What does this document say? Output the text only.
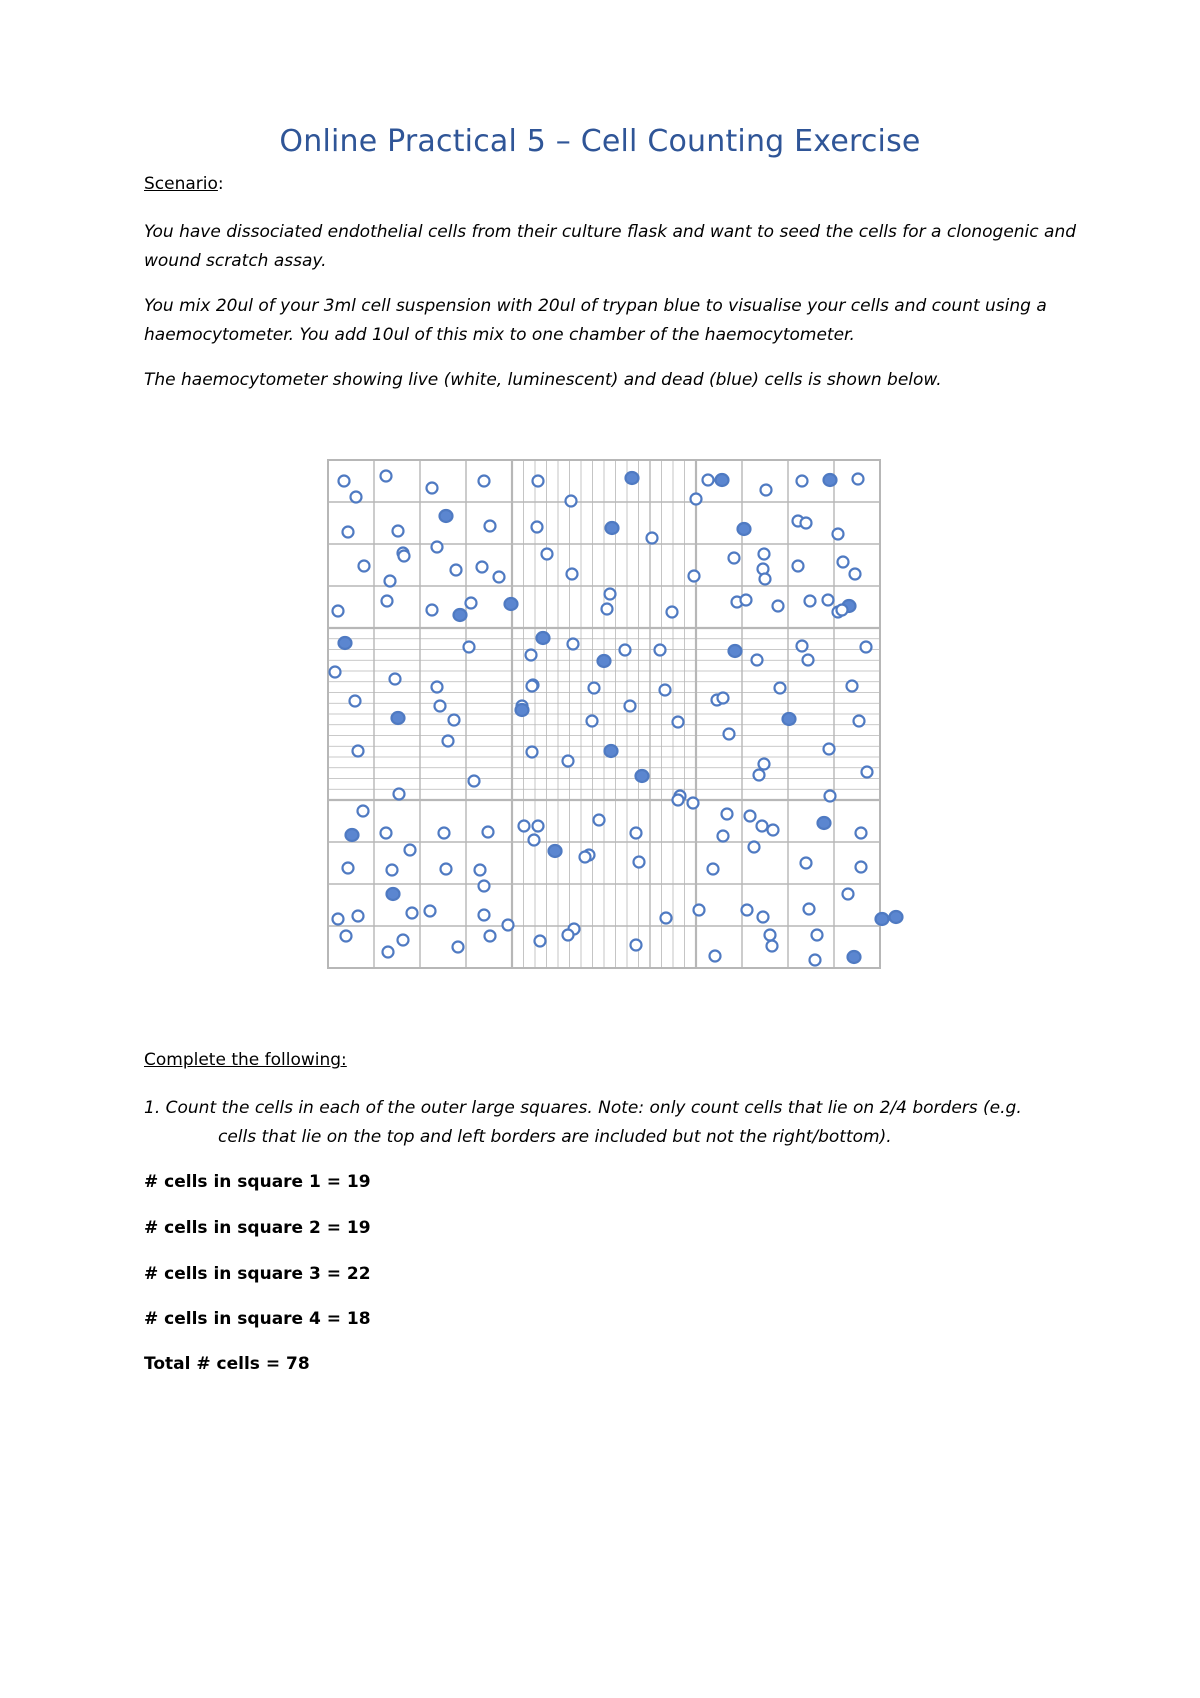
Online Practical 5 – Cell Counting Exercise
Scenario:
You have dissociated endothelial cells from their culture flask and want to seed the cells for a clonogenic and wound scratch assay.
You mix 20ul of your 3ml cell suspension with 20ul of trypan blue to visualise your cells and count using a haemocytometer. You add 10ul of this mix to one chamber of the haemocytometer.
The haemocytometer showing live (white, luminescent) and dead (blue) cells is shown below.
Complete the following:
1. Count the cells in each of the outer large squares. Note: only count cells that lie on 2/4 borders (e.g.
cells that lie on the top and left borders are included but not the right/bottom).
# cells in square 1 = 19
# cells in square 2 = 19
# cells in square 3 = 22
# cells in square 4 = 18
Total # cells = 78
